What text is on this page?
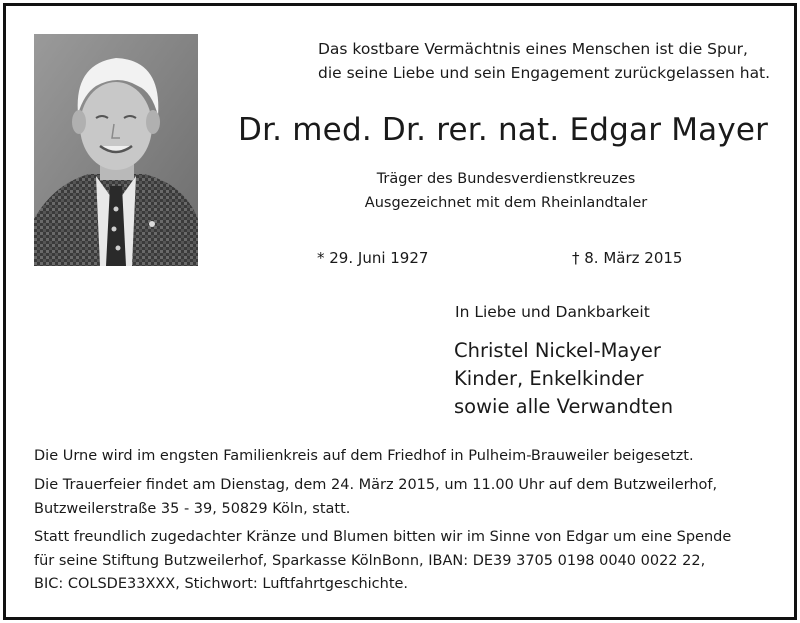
Das kostbare Vermächtnis eines Menschen ist die Spur,
die seine Liebe und sein Engagement zurückgelassen hat.
Dr. med. Dr. rer. nat. Edgar Mayer
Träger des Bundesverdienstkreuzes
Ausgezeichnet mit dem Rheinlandtaler
* 29. Juni 1927	† 8. März 2015
In Liebe und Dankbarkeit
Christel Nickel-Mayer
Kinder, Enkelkinder
sowie alle Verwandten
Die Urne wird im engsten Familienkreis auf dem Friedhof in Pulheim-Brauweiler beigesetzt.
Die Trauerfeier findet am Dienstag, dem 24. März 2015, um 11.00 Uhr auf dem Butzweilerhof,
Butzweilerstraße 35 - 39, 50829 Köln, statt.
Statt freundlich zugedachter Kränze und Blumen bitten wir im Sinne von Edgar um eine Spende
für seine Stiftung Butzweilerhof, Sparkasse KölnBonn, IBAN: DE39 3705 0198 0040 0022 22,
BIC: COLSDE33XXX, Stichwort: Luftfahrtgeschichte.
